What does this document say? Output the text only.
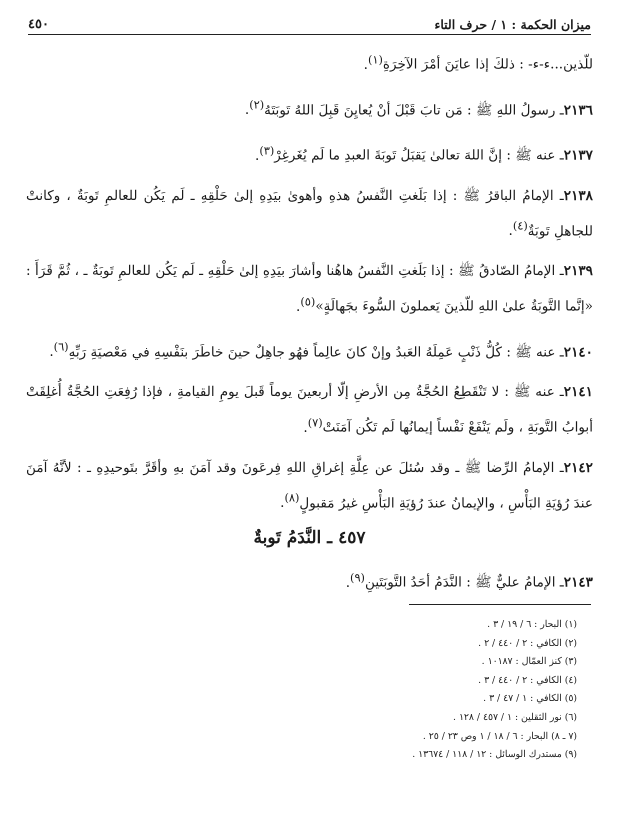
ميزان الحكمة : ١ / حرف التاء
٤٥٠

للّذين...ء-ء- : ذلكَ إذا عايَنَ أمْرَ الآخِرَةِ$^{(١)}$.

٢١٣٦ـ رسولُ اللهِ ﷺ : مَن تابَ قَبْلَ أنْ يُعايِنَ قَبِلَ اللهُ تَوبَتَهُ$^{(٢)}$.

٢١٣٧ـ عنه ﷺ : إنَّ اللهَ تعالىٰ يَقبَلُ تَوبَةَ العبدِ ما لَم يُغَرغِرْ$^{(٣)}$.

٢١٣٨ـ الإمامُ الباقرُ ﷺ : إذا بَلَغتِ النَّفسُ هذهِ وأهوىٰ بيَدِهِ إلىٰ حَلْقِهِ ـ لَم يَكُن للعالمِ تَوبَةٌ ، وكانتْ للجاهلِ تَوبَةٌ$^{(٤)}$.

٢١٣٩ـ الإمامُ الصّادقُ ﷺ : إذا بَلَغتِ النَّفسُ هاهُنا وأشارَ بيَدِهِ إلىٰ حَلْقِهِ ـ لَم يَكُن للعالمِ تَوبَةٌ ـ ، ثُمَّ قَرَأَ : «إنَّما التَّوبَةُ علىٰ اللهِ للّذينَ يَعملونَ السُّوءَ بجَهالَةٍ»$^{(٥)}$.

٢١٤٠ـ عنه ﷺ : كُلُّ ذَنْبٍ عَمِلَهُ العَبدُ وإنْ كانَ عالِماً فهُو جاهِلٌ حينَ خاطَرَ بنَفْسِهِ في مَعْصيَةِ رَبِّهِ$^{(٦)}$.

٢١٤١ـ عنه ﷺ : لا تَنْقَطِعُ الحُجَّةُ مِن الأرضِ إلّا أربعينَ يوماً قَبلَ يومِ القيامةِ ، فإذا رُفِعَتِ الحُجَّةُ أُغلِقَتْ أبوابُ التَّوبَةِ ، ولَم يَنْفَعْ نَفْساً إيمانُها لَم تَكُن آمَنَتْ$^{(٧)}$.

٢١٤٢ـ الإمامُ الرِّضا ﷺ ـ وقد سُئلَ عن عِلَّةِ إغراقِ اللهِ فِرعَونَ وقد آمَنَ بهِ وأقَرَّ بتَوحيدِهِ ـ : لأنَّهُ آمَنَ عندَ رُؤيَةِ البَأْسِ ، والإيمانُ عندَ رُؤيَةِ البَأْسِ غيرُ مَقبولٍ$^{(٨)}$.

٤٥٧ ـ النَّدَمُ تَوبةٌ

٢١٤٣ـ الإمامُ عليٌّ ﷺ : النَّدَمُ أحَدُ التَّوبَتَينِ$^{(٩)}$.

(١) البحار : ٦ / ١٩ / ٣ .
(٢) الكافي : ٢ / ٤٤٠ / ٢ .
(٣) كنز العمّال : ١٠١٨٧ .
(٤) الكافي : ٢ / ٤٤٠ / ٣ .
(٥) الكافي : ١ / ٤٧ / ٣ .
(٦) نور الثقلين : ١ / ٤٥٧ / ١٢٨ .
(٧ ـ ٨) البحار : ٦ / ١٨ / ١ وص ٢٣ / ٢٥ .
(٩) مستدرك الوسائل : ١٢ / ١١٨ / ١٣٦٧٤ .
